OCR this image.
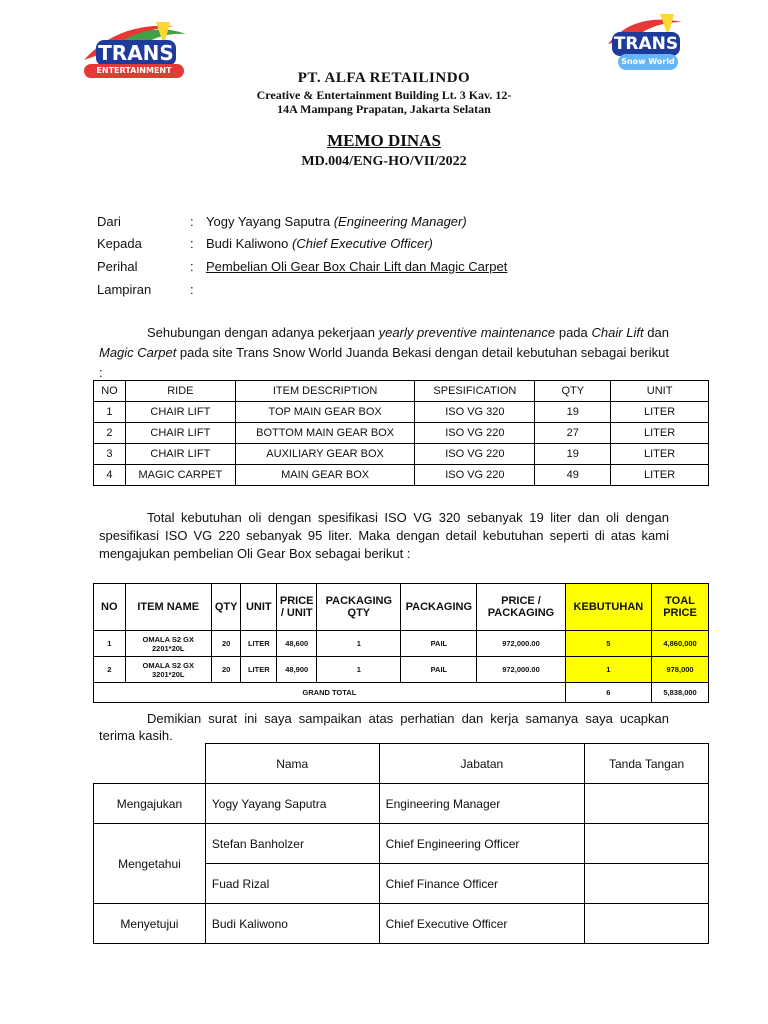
TRANS
ENTERTAINMENT
TRANS
Snow World
PT. ALFA RETAILINDO
Creative & Entertainment Building Lt. 3 Kav. 12-
14A Mampang Prapatan, Jakarta Selatan
MEMO DINAS
MD.004/ENG-HO/VII/2022
Dari	: Yogy Yayang Saputra (Engineering Manager)
Kepada	: Budi Kaliwono (Chief Executive Officer)
Perihal	: Pembelian Oli Gear Box Chair Lift dan Magic Carpet
Lampiran	:
Sehubungan dengan adanya pekerjaan yearly preventive maintenance pada Chair Lift dan Magic Carpet pada site Trans Snow World Juanda Bekasi dengan detail kebutuhan sebagai berikut :
NO	RIDE	ITEM DESCRIPTION	SPESIFICATION	QTY	UNIT
1	CHAIR LIFT	TOP MAIN GEAR BOX	ISO VG 320	19	LITER
2	CHAIR LIFT	BOTTOM MAIN GEAR BOX	ISO VG 220	27	LITER
3	CHAIR LIFT	AUXILIARY GEAR BOX	ISO VG 220	19	LITER
4	MAGIC CARPET	MAIN GEAR BOX	ISO VG 220	49	LITER
Total kebutuhan oli dengan spesifikasi ISO VG 320 sebanyak 19 liter dan oli dengan spesifikasi ISO VG 220 sebanyak 95 liter. Maka dengan detail kebutuhan seperti di atas kami mengajukan pembelian Oli Gear Box sebagai berikut :
NO	ITEM NAME	QTY	UNIT	PRICE / UNIT	PACKAGING QTY	PACKAGING	PRICE / PACKAGING	KEBUTUHAN	TOAL PRICE
1	OMALA S2 GX 2201*20L	20	LITER	48,600	1	PAIL	972,000.00	5	4,860,000
2	OMALA S2 GX 3201*20L	20	LITER	48,900	1	PAIL	972,000.00	1	978,000
GRAND TOTAL								6	5,838,000
Demikian surat ini saya sampaikan atas perhatian dan kerja samanya saya ucapkan terima kasih.
	Nama	Jabatan	Tanda Tangan
Mengajukan	Yogy Yayang Saputra	Engineering Manager	
Mengetahui	Stefan Banholzer	Chief Engineering Officer	
	Fuad Rizal	Chief Finance Officer	
Menyetujui	Budi Kaliwono	Chief Executive Officer	
